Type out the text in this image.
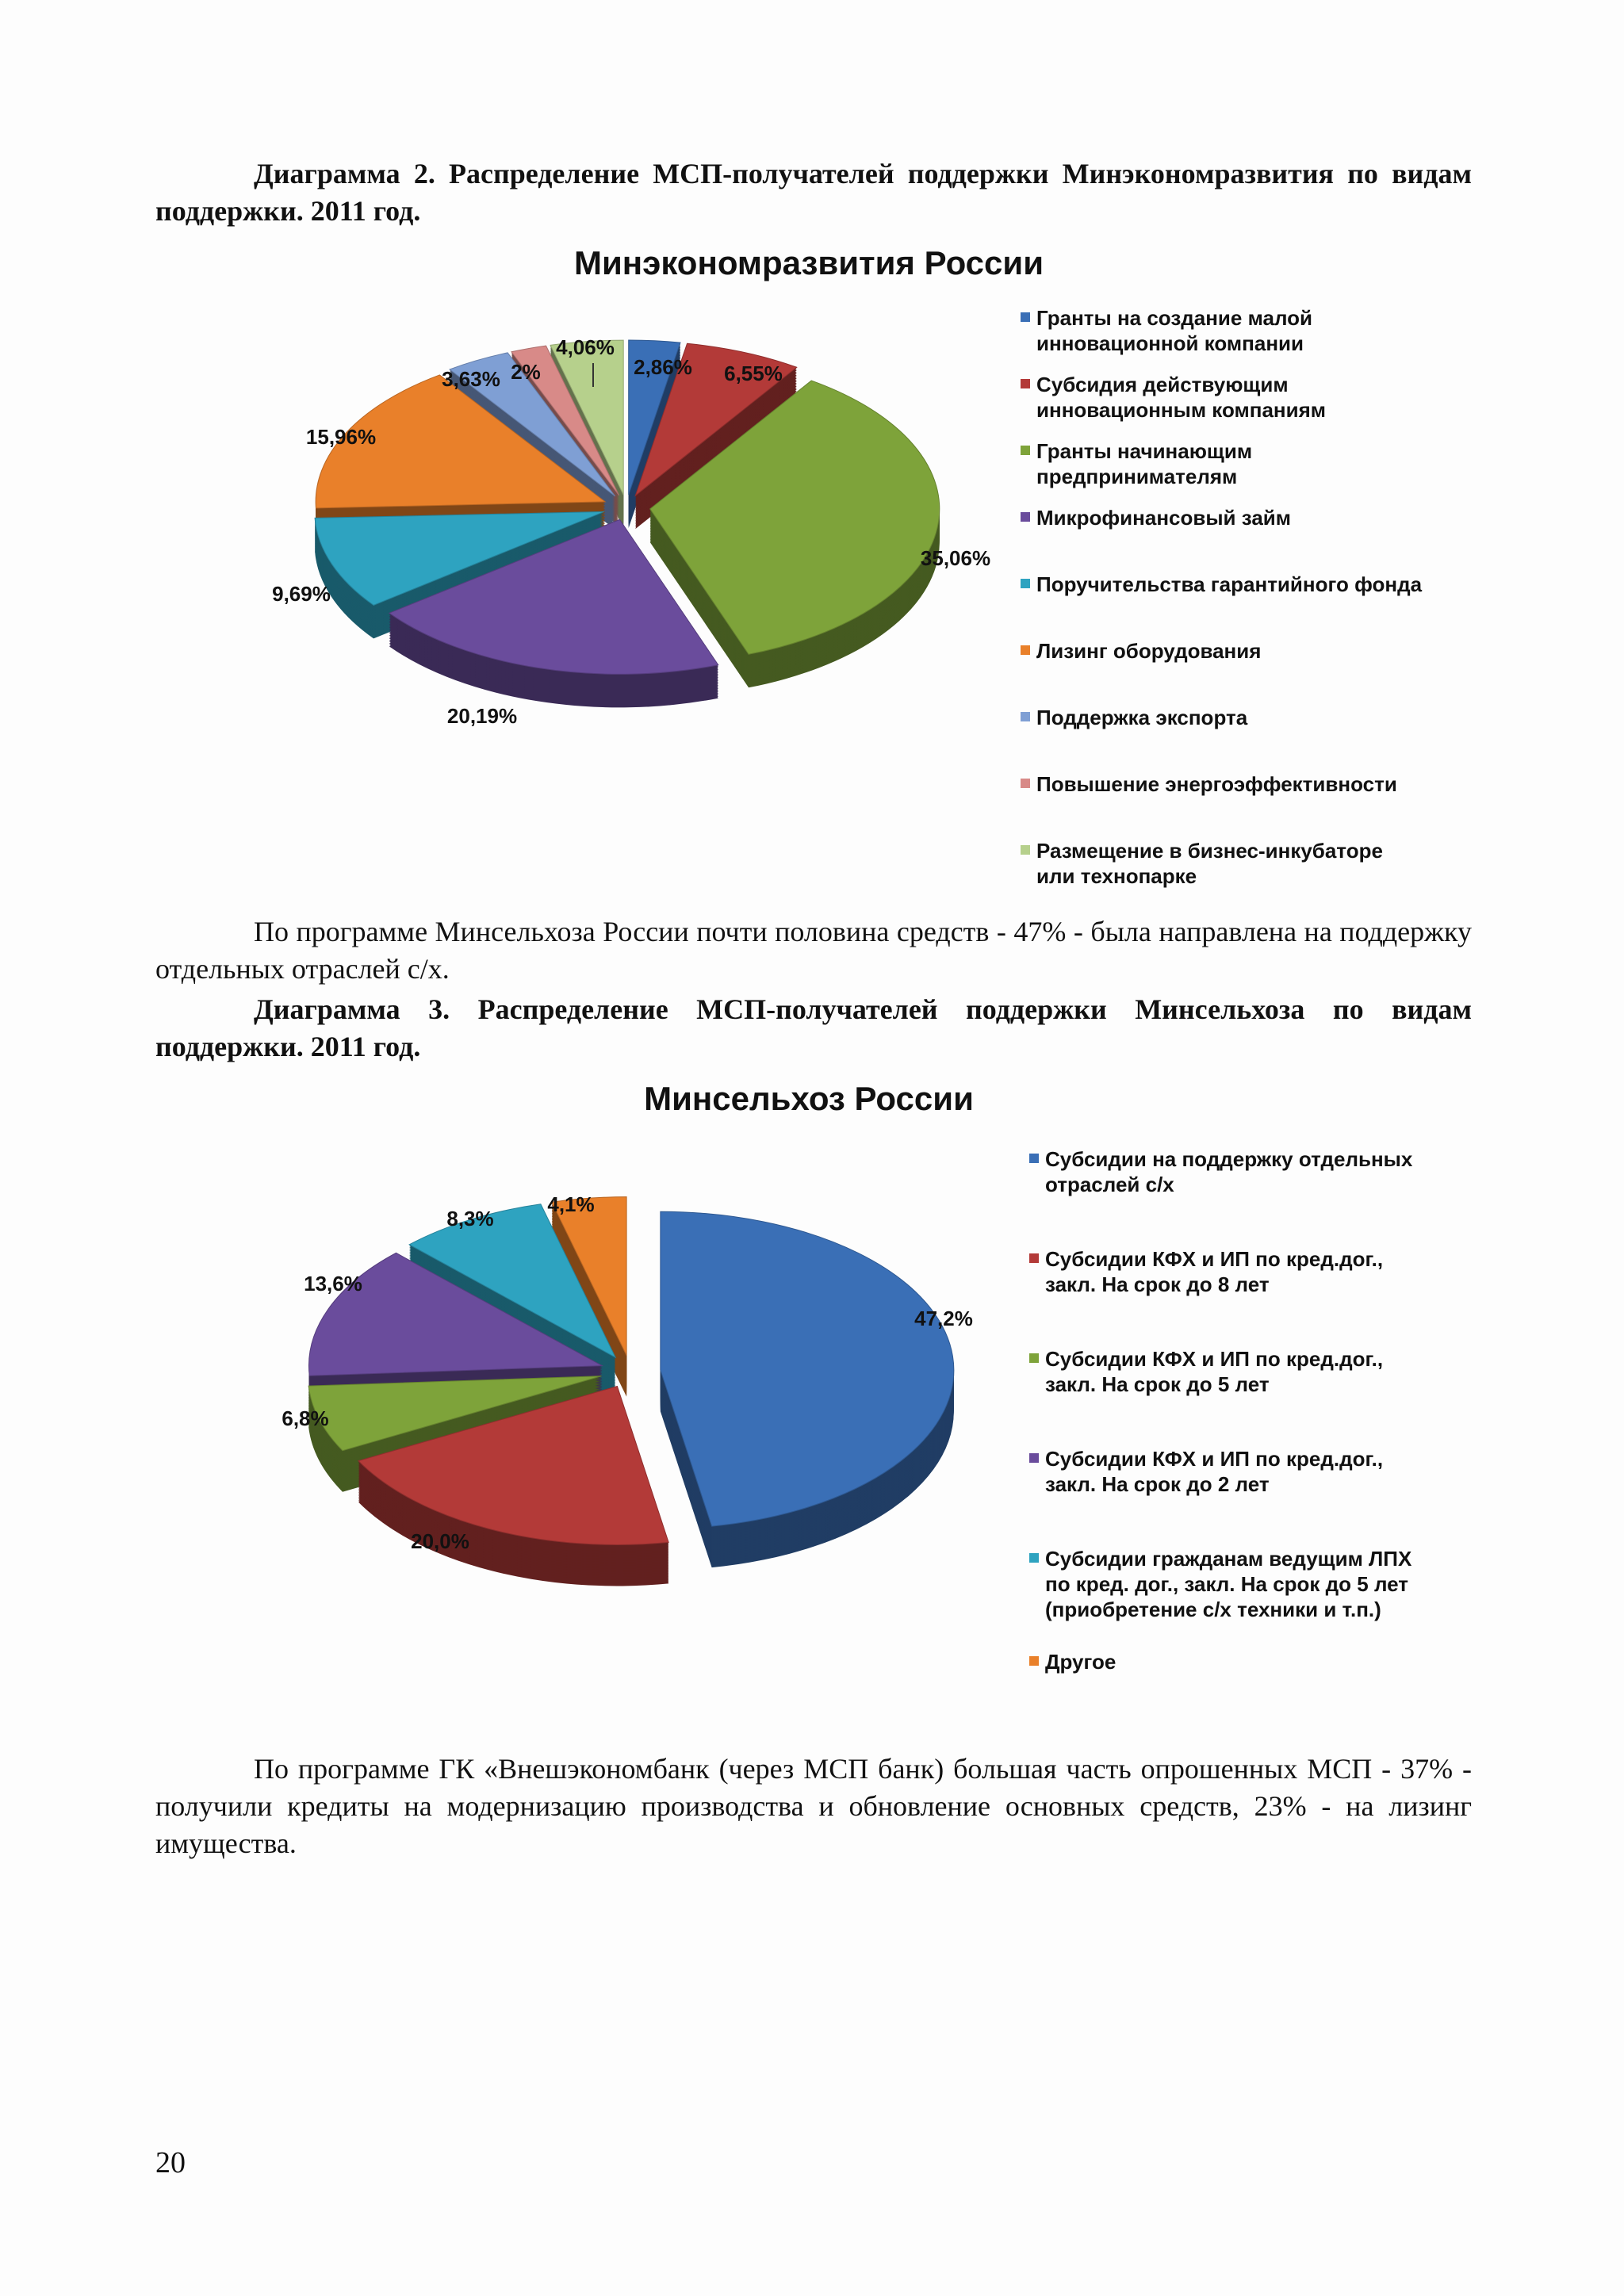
Диаграмма 2. Распределение МСП-получателей поддержки Минэкономразвития по видам поддержки. 2011 год.

Минэкономразвития России

2,86% 6,55%
35,06%
20,19%
9,69%
15,96%
3,63% 2%
4,06%
Гранты на создание малой
инновационной компании
Субсидия действующим
инновационным компаниям
Гранты начинающим
предпринимателям
Микрофинансовый займ
Поручительства гарантийного фонда
Лизинг оборудования
Поддержка экспорта
Повышение энергоэффективности
Размещение в бизнес-инкубаторе
или технопарке

По программе Минсельхоза России почти половина средств - 47% - была направлена на поддержку отдельных отраслей с/х.

Диаграмма 3. Распределение МСП-получателей поддержки Минсельхоза по видам поддержки. 2011 год.

Минсельхоз России

47,2%
20,0%
6,8%
13,6%
8,3%
4,1%
Субсидии на поддержку отдельных
отраслей с/х
Субсидии КФХ и ИП по кред.дог.,
закл. На срок до 8 лет
Субсидии КФХ и ИП по кред.дог.,
закл. На срок до 5 лет
Субсидии КФХ и ИП по кред.дог.,
закл. На срок до 2 лет
Субсидии гражданам ведущим ЛПХ
по кред. дог., закл. На срок до 5 лет
(приобретение с/х техники и т.п.)
Другое

По программе ГК «Внешэкономбанк (через МСП банк) большая часть опрошенных МСП - 37% - получили кредиты на модернизацию производства и обновление основных средств, 23% - на лизинг имущества.

20
